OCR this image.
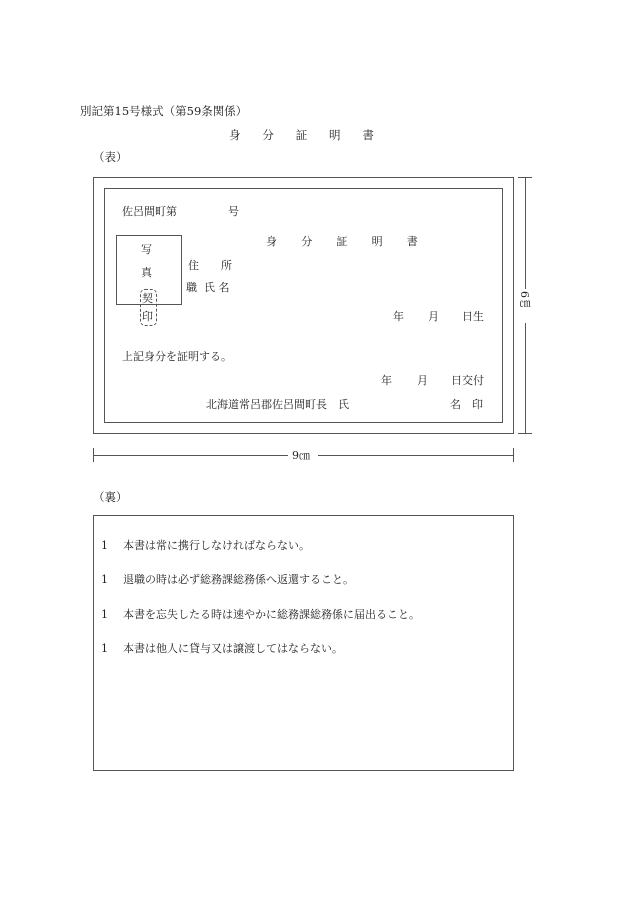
別記第15号様式（第59条関係）
身分証明書
（表）
佐呂間町第	号
身分証明書
写
真
契
印
住　所
職 氏 名
年 月 日生
上記身分を証明する。
年 月 日交付
北海道常呂郡佐呂間町長　氏	名　印
6㎝
9㎝
（裏）
1 本書は常に携行しなければならない。
1 退職の時は必ず総務課総務係へ返還すること。
1 本書を忘失したる時は速やかに総務課総務係に届出ること。
1 本書は他人に貸与又は譲渡してはならない。
